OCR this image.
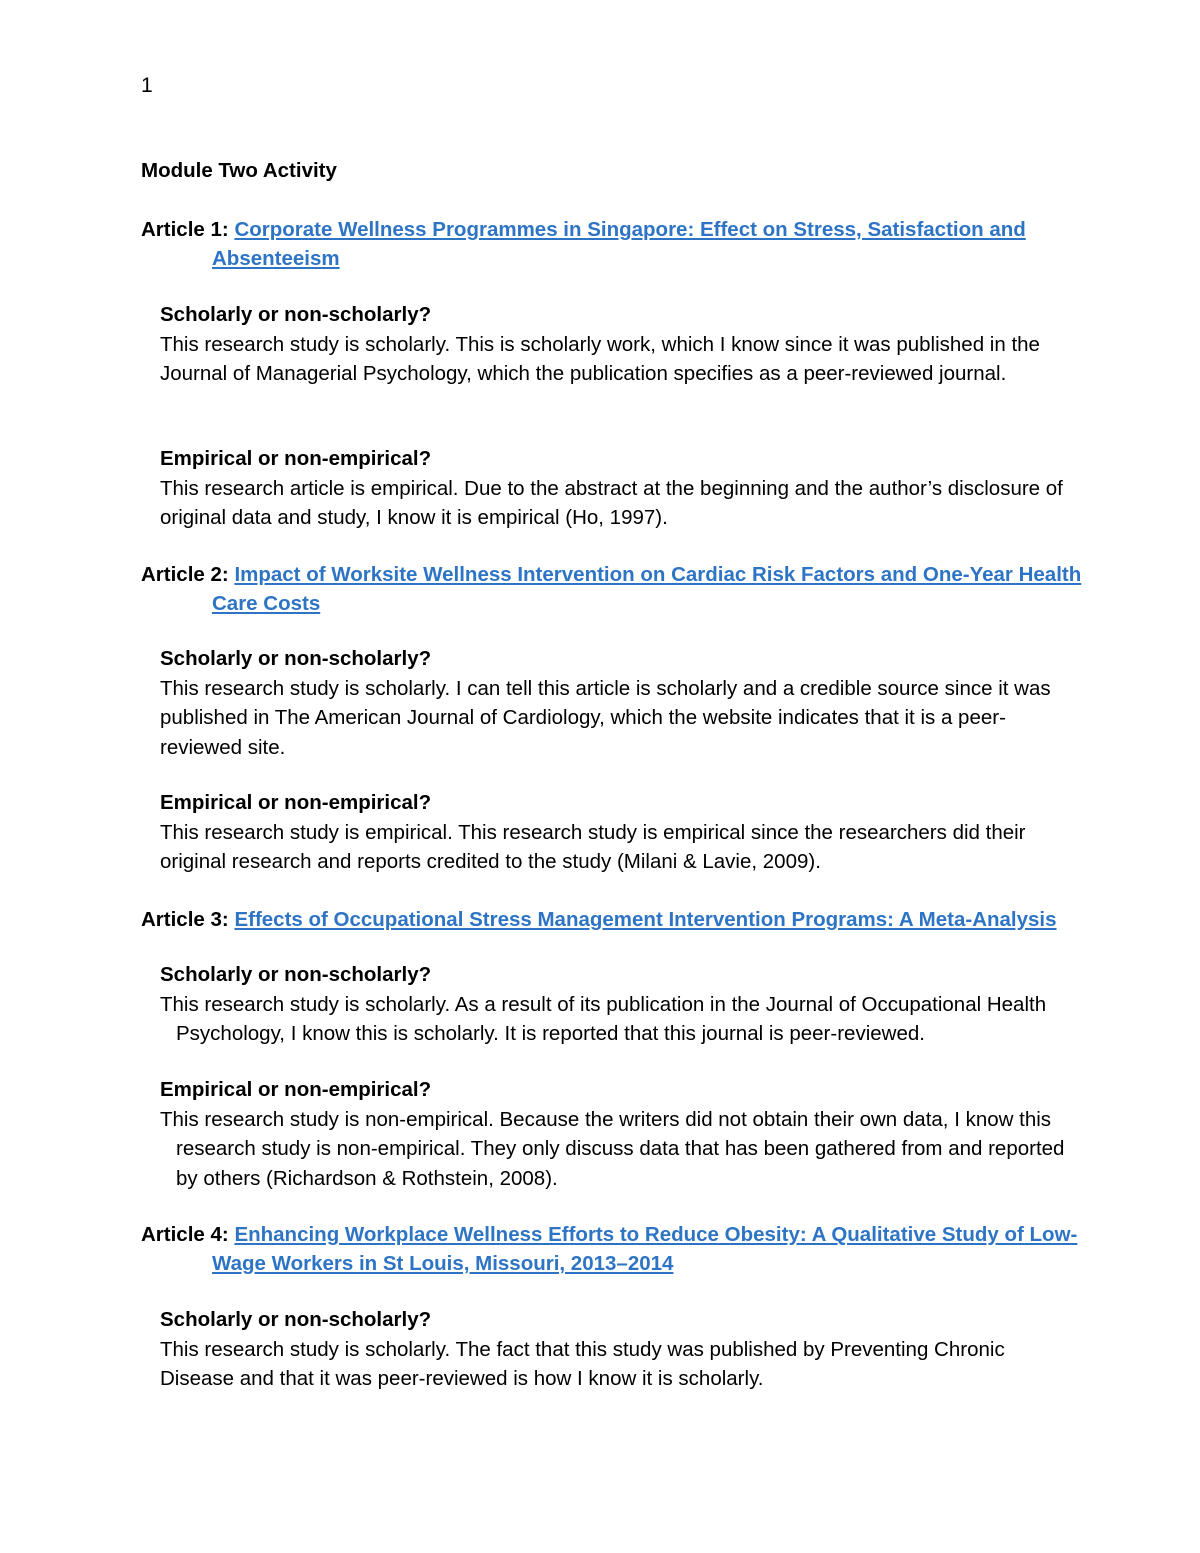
1
Module Two Activity
Article 1: Corporate Wellness Programmes in Singapore: Effect on Stress, Satisfaction and Absenteeism
Scholarly or non-scholarly?
This research study is scholarly. This is scholarly work, which I know since it was published in the Journal of Managerial Psychology, which the publication specifies as a peer-reviewed journal.
Empirical or non-empirical?
This research article is empirical. Due to the abstract at the beginning and the author’s disclosure of original data and study, I know it is empirical (Ho, 1997).
Article 2: Impact of Worksite Wellness Intervention on Cardiac Risk Factors and One-Year Health Care Costs
Scholarly or non-scholarly?
This research study is scholarly. I can tell this article is scholarly and a credible source since it was published in The American Journal of Cardiology, which the website indicates that it is a peer-reviewed site.
Empirical or non-empirical?
This research study is empirical. This research study is empirical since the researchers did their original research and reports credited to the study (Milani & Lavie, 2009).
Article 3: Effects of Occupational Stress Management Intervention Programs: A Meta-Analysis
Scholarly or non-scholarly?
This research study is scholarly. As a result of its publication in the Journal of Occupational Health Psychology, I know this is scholarly. It is reported that this journal is peer-reviewed.
Empirical or non-empirical?
This research study is non-empirical. Because the writers did not obtain their own data, I know this research study is non-empirical. They only discuss data that has been gathered from and reported by others (Richardson & Rothstein, 2008).
Article 4: Enhancing Workplace Wellness Efforts to Reduce Obesity: A Qualitative Study of Low-Wage Workers in St Louis, Missouri, 2013–2014
Scholarly or non-scholarly?
This research study is scholarly. The fact that this study was published by Preventing Chronic Disease and that it was peer-reviewed is how I know it is scholarly.
